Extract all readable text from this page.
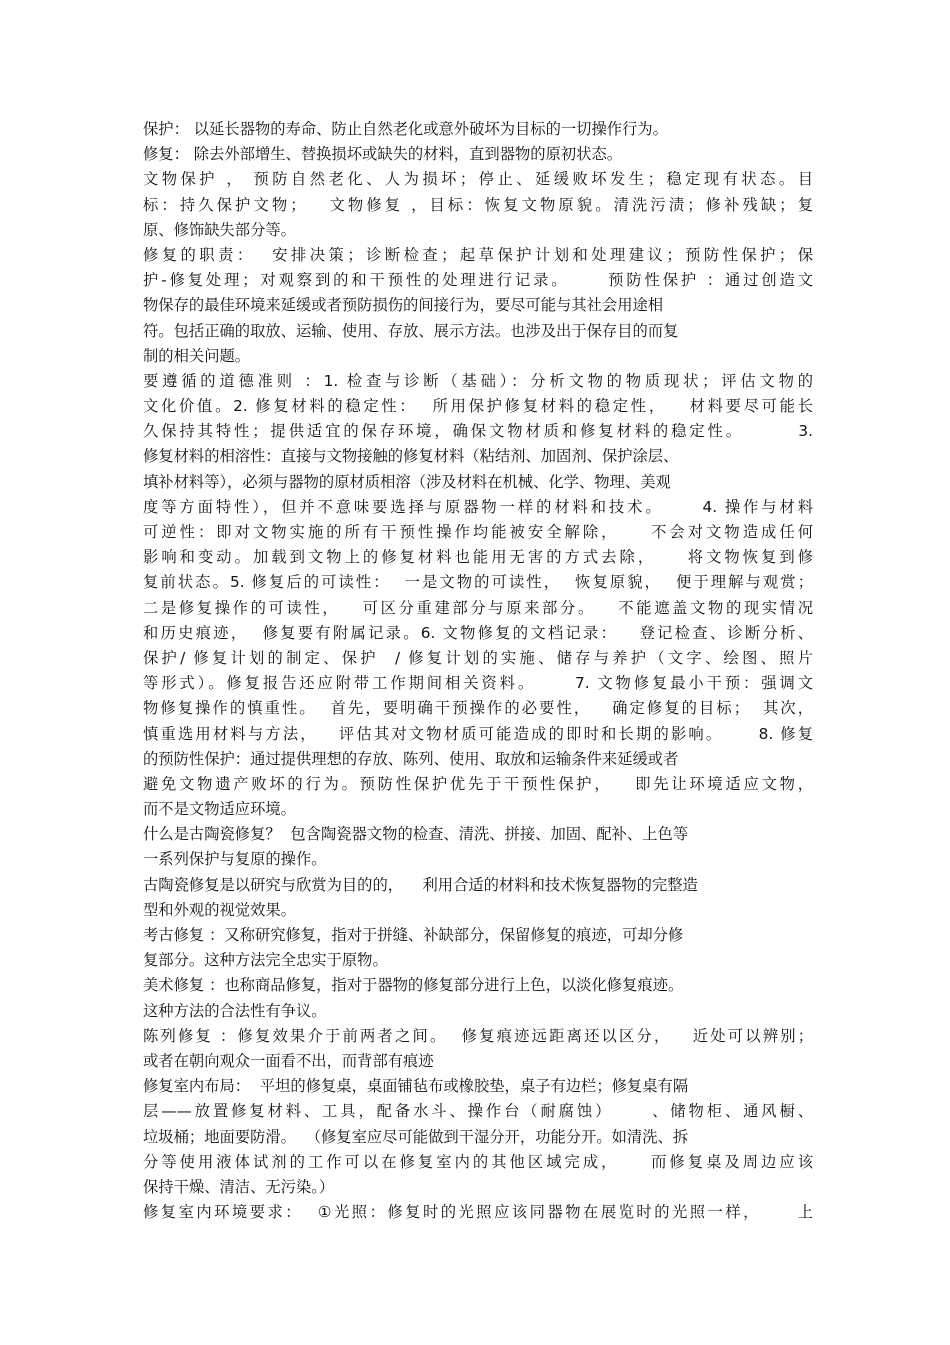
保护： 以延长器物的寿命、防止自然老化或意外破坏为目标的一切操作行为。
修复： 除去外部增生、替换损坏或缺失的材料，直到器物的原初状态。
文物保护 ， 预防自然老化、人为损坏；停止、延缓败坏发生；稳定现有状态。目
标：持久保护文物；   文物修复 ，目标：恢复文物原貌。清洗污渍；修补残缺；复
原、修饰缺失部分等。
修复的职责：  安排决策；诊断检查；起草保护计划和处理建议；预防性保护；保
护-修复处理；对观察到的和干预性的处理进行记录。     预防性保护 ：通过创造文
物保存的最佳环境来延缓或者预防损伤的间接行为，要尽可能与其社会用途相
符。包括正确的取放、运输、使用、存放、展示方法。也涉及出于保存目的而复
制的相关问题。
要遵循的道德准则 ：1. 检查与诊断（基础）：分析文物的物质现状；评估文物的
文化价值。2. 修复材料的稳定性：  所用保护修复材料的稳定性，   材料要尽可能长
久保持其特性；提供适宜的保存环境，确保文物材质和修复材料的稳定性。       3.
修复材料的相溶性：直接与文物接触的修复材料（粘结剂、加固剂、保护涂层、
填补材料等），必须与器物的原材质相溶（涉及材料在机械、化学、物理、美观
度等方面特性），但并不意味要选择与原器物一样的材料和技术。     4. 操作与材料
可逆性：即对文物实施的所有干预性操作均能被安全解除，    不会对文物造成任何
影响和变动。加载到文物上的修复材料也能用无害的方式去除，    将文物恢复到修
复前状态。5. 修复后的可读性：  一是文物的可读性，  恢复原貌，  便于理解与观赏；
二是修复操作的可读性，   可区分重建部分与原来部分。   不能遮盖文物的现实情况
和历史痕迹，  修复要有附属记录。6. 文物修复的文档记录：   登记检查、诊断分析、
保护/ 修复计划的制定、保护  / 修复计划的实施、储存与养护（文字、绘图、照片
等形式）。修复报告还应附带工作期间相关资料。     7. 文物修复最小干预：强调文
物修复操作的慎重性。  首先，要明确干预操作的必要性，   确定修复的目标；  其次，
慎重选用材料与方法，   评估其对文物材质可能造成的即时和长期的影响。     8. 修复
的预防性保护：通过提供理想的存放、陈列、使用、取放和运输条件来延缓或者
避免文物遗产败坏的行为。预防性保护优先于干预性保护，   即先让环境适应文物，
而不是文物适应环境。
什么是古陶瓷修复？  包含陶瓷器文物的检查、清洗、拼接、加固、配补、上色等
一系列保护与复原的操作。
古陶瓷修复是以研究与欣赏为目的的，    利用合适的材料和技术恢复器物的完整造
型和外观的视觉效果。
考古修复 ：又称研究修复，指对于拼缝、补缺部分，保留修复的痕迹，可却分修
复部分。这种方法完全忠实于原物。
美术修复 ：也称商品修复，指对于器物的修复部分进行上色，以淡化修复痕迹。
这种方法的合法性有争议。
陈列修复 ：修复效果介于前两者之间。  修复痕迹远距离还以区分，   近处可以辨别；
或者在朝向观众一面看不出，而背部有痕迹
修复室内布局：  平坦的修复桌，桌面铺毡布或橡胶垫，桌子有边栏；修复桌有隔
层——放置修复材料、工具，配备水斗、操作台（耐腐蚀）     、储物柜、通风橱、
垃圾桶；地面要防滑。  （修复室应尽可能做到干湿分开，功能分开。如清洗、拆
分等使用液体试剂的工作可以在修复室内的其他区域完成，    而修复桌及周边应该
保持干燥、清洁、无污染。）
修复室内环境要求：  ①光照：修复时的光照应该同器物在展览时的光照一样，     上
